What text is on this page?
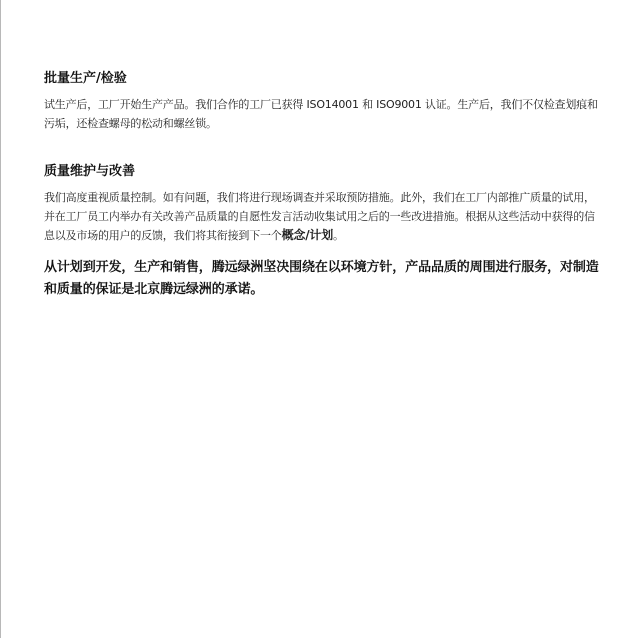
批量生产/检验

试生产后，工厂开始生产产品。我们合作的工厂已获得 ISO14001 和 ISO9001 认证。生产后，我们不仅检查划痕和污垢，还检查螺母的松动和螺丝锁。

质量维护与改善

我们高度重视质量控制。如有问题，我们将进行现场调查并采取预防措施。此外，我们在工厂内部推广质量的试用，并在工厂员工内举办有关改善产品质量的自愿性发言活动收集试用之后的一些改进措施。根据从这些活动中获得的信息以及市场的用户的反馈，我们将其衔接到下一个概念/计划。

从计划到开发，生产和销售，腾远绿洲坚决围绕在以环境方针，产品品质的周围进行服务，对制造和质量的保证是北京腾远绿洲的承诺。
